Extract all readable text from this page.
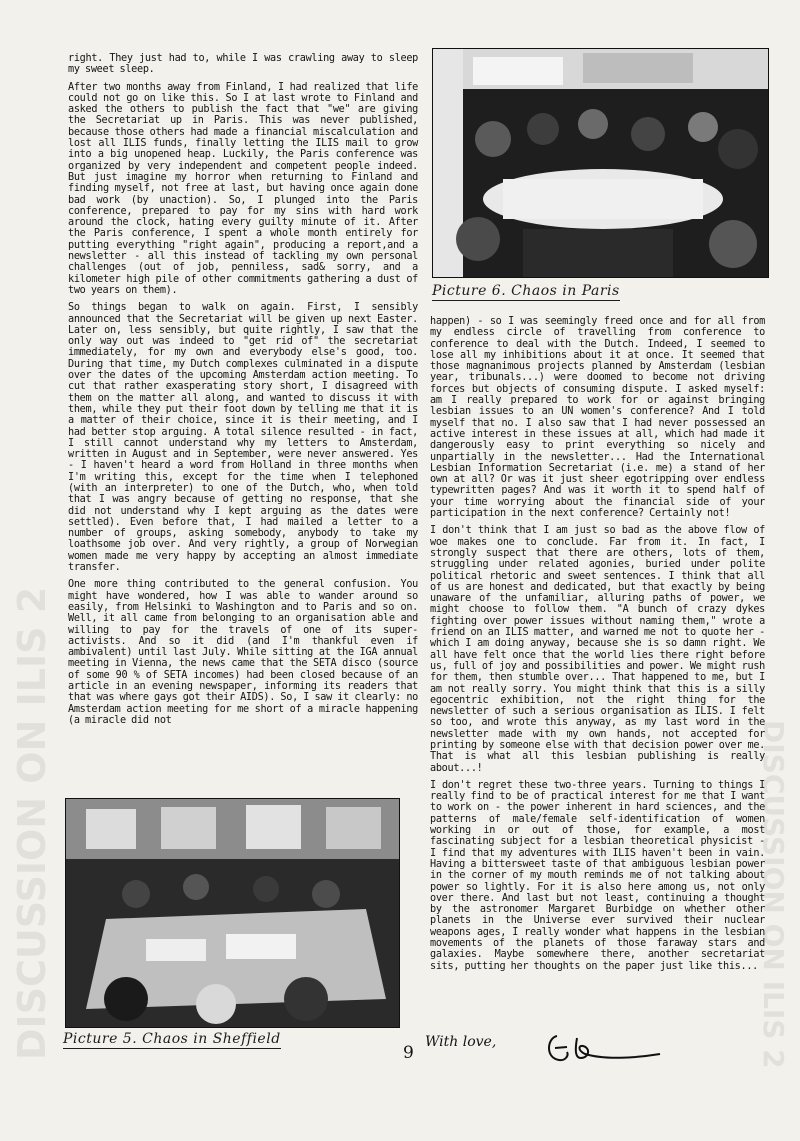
DISCUSSION ON ILIS 2	DISCUSSION ON ILIS 2

right. They just had to, while I was crawling away to sleep my sweet sleep.

After two months away from Finland, I had realized that life could not go on like this. So I at last wrote to Finland and asked the others to publish the fact that "we" are giving the Secretariat up in Paris. This was never published, because those others had made a financial miscalculation and lost all ILIS funds, finally letting the ILIS mail to grow into a big unopened heap. Luckily, the Paris conference was organized by very independent and competent people indeed. But just imagine my horror when returning to Finland and finding myself, not free at last, but having once again done bad work (by unaction). So, I plunged into the Paris conference, prepared to pay for my sins with hard work around the clock, hating every guilty minute of it. After the Paris conference, I spent a whole month entirely for putting everything "right again", producing a report,and a newsletter - all this instead of tackling my own personal challenges (out of job, penniless, sad& sorry, and a kilometer high pile of other commitments gathering a dust of two years on them).

So things began to walk on again. First, I sensibly announced that the Secretariat will be given up next Easter. Later on, less sensibly, but quite rightly, I saw that the only way out was indeed to "get rid of" the secretariat immediately, for my own and everybody else's good, too. During that time, my Dutch complexes culminated in a dispute over the dates of the upcoming Amsterdam action meeting. To cut that rather exasperating story short, I disagreed with them on the matter all along, and wanted to discuss it with them, while they put their foot down by telling me that it is a matter of their choice, since it is their meeting, and I had better stop arguing. A total silence resulted - in fact, I still cannot understand why my letters to Amsterdam, written in August and in September, were never answered. Yes - I haven't heard a word from Holland in three months when I'm writing this, except for the time when I telephoned (with an interpreter) to one of the Dutch, who, when told that I was angry because of getting no response, that she did not understand why I kept arguing as the dates were settled). Even before that, I had mailed a letter to a number of groups, asking somebody, anybody to take my loathsome job over. And very rightly, a group of Norwegian women made me very happy by accepting an almost immediate transfer.

One more thing contributed to the general confusion. You might have wondered, how I was able to wander around so easily, from Helsinki to Washington and to Paris and so on. Well, it all came from belonging to an organisation able and willing to pay for the travels of one of its super-activists. And so it did (and I'm thankful even if ambivalent) until last July. While sitting at the IGA annual meeting in Vienna, the news came that the SETA disco (source of some 90 % of SETA incomes) had been closed because of an article in an evening newspaper, informing its readers that that was where gays got their AIDS). So, I saw it clearly: no Amsterdam action meeting for me short of a miracle happening (a miracle did not

Picture 6. Chaos in Paris

happen) - so I was seemingly freed once and for all from my endless circle of travelling from conference to conference to deal with the Dutch. Indeed, I seemed to lose all my inhibitions about it at once. It seemed that those magnanimous projects planned by Amsterdam (lesbian year, tribunals...) were doomed to become not driving forces but objects of consuming dispute. I asked myself: am I really prepared to work for or against bringing lesbian issues to an UN women's conference? And I told myself that no. I also saw that I had never possessed an active interest in these issues at all, which had made it dangerously easy to print everything so nicely and unpartially in the newsletter... Had the International Lesbian Information Secretariat (i.e. me) a stand of her own at all? Or was it just sheer egotripping over endless typewritten pages? And was it worth it to spend half of your time worrying about the financial side of your participation in the next conference? Certainly not!

I don't think that I am just so bad as the above flow of woe makes one to conclude. Far from it. In fact, I strongly suspect that there are others, lots of them, struggling under related agonies, buried under polite political rhetoric and sweet sentences. I think that all of us are honest and dedicated, but that exactly by being unaware of the unfamiliar, alluring paths of power, we might choose to follow them. "A bunch of crazy dykes fighting over power issues without naming them," wrote a friend on an ILIS matter, and warned me not to quote her - which I am doing anyway, because she is so damn right. We all have felt once that the world lies there right before us, full of joy and possibilities and power. We might rush for them, then stumble over... That happened to me, but I am not really sorry. You might think that this is a silly egocentric exhibition, not the right thing for the newsletter of such a serious organisation as ILIS. I felt so too, and wrote this anyway, as my last word in the newsletter made with my own hands, not accepted for printing by someone else with that decision power over me. That is what all this lesbian publishing is really about...!

I don't regret these two-three years. Turning to things I really find to be of practical interest for me that I want to work on - the power inherent in hard sciences, and the patterns of male/female self-identification of women working in or out of those, for example, a most fascinating subject for a lesbian theoretical physicist - I find that my adventures with ILIS haven't been in vain. Having a bittersweet taste of that ambiguous lesbian power in the corner of my mouth reminds me of not talking about power so lightly. For it is also here among us, not only over there. And last but not least, continuing a thought by the astronomer Margaret Burbidge on whether other planets in the Universe ever survived their nuclear weapons ages, I really wonder what happens in the lesbian movements of the planets of those faraway stars and galaxies. Maybe somewhere there, another secretariat sits, putting her thoughts on the paper just like this...

Picture 5. Chaos in Sheffield
9
With love,
